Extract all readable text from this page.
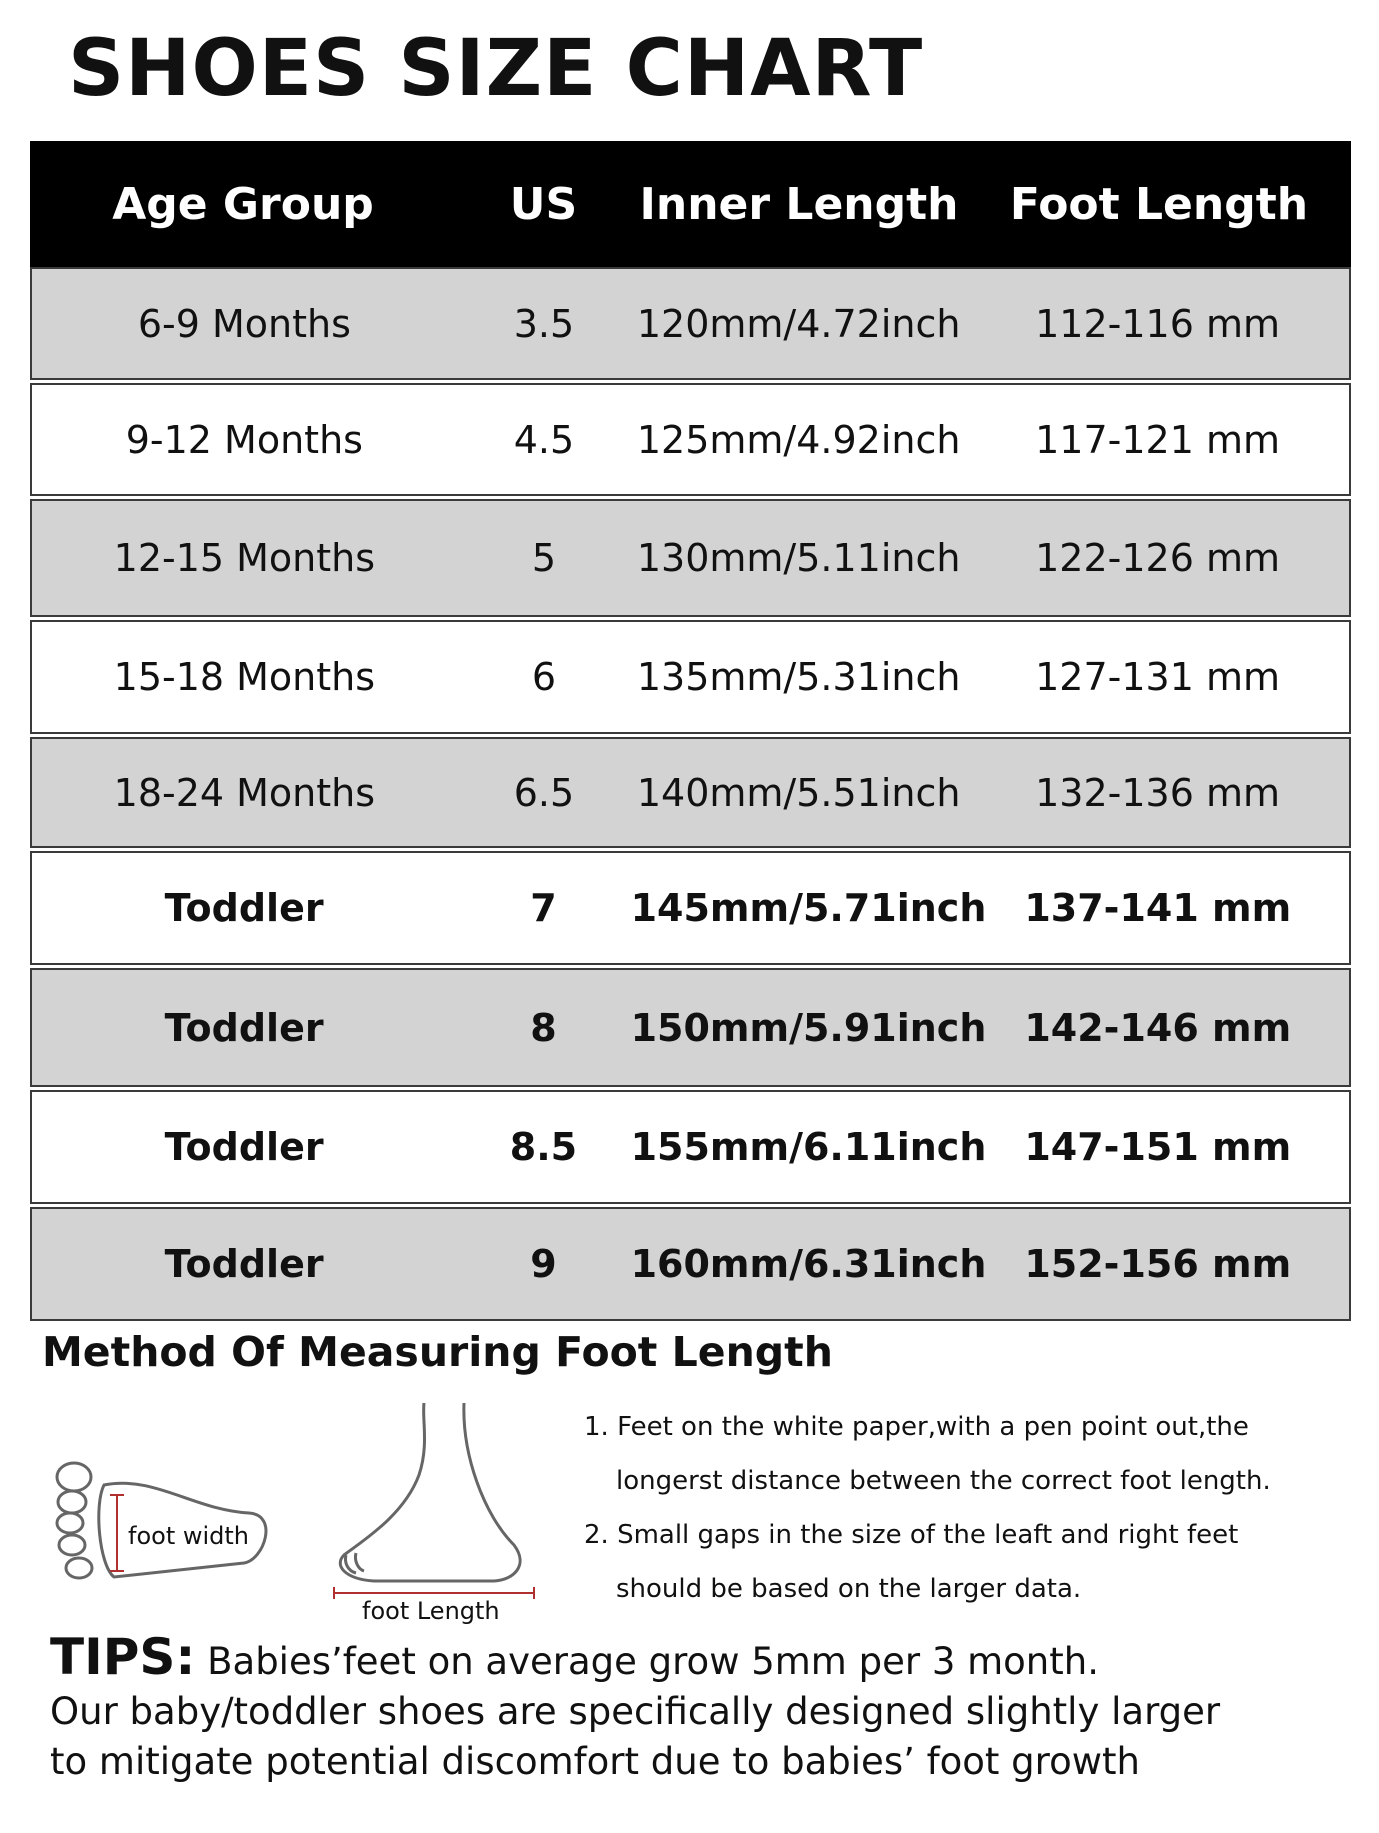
SHOES SIZE CHART
Age Group	US	Inner Length	Foot Length
6-9 Months	3.5	120mm/4.72inch	112-116 mm
9-12 Months	4.5	125mm/4.92inch	117-121 mm
12-15 Months	5	130mm/5.11inch	122-126 mm
15-18 Months	6	135mm/5.31inch	127-131 mm
18-24 Months	6.5	140mm/5.51inch	132-136 mm
Toddler	7	145mm/5.71inch 137-141 mm
Toddler	8	150mm/5.91inch 142-146 mm
Toddler	8.5	155mm/6.11inch 147-151 mm
Toddler	9	160mm/6.31inch 152-156 mm
Method Of Measuring Foot Length
foot width
foot Length
1. Feet on the white paper,with a pen point out,the
longerst distance between the correct foot length.
2. Small gaps in the size of the leaft and right feet
should be based on the larger data.
TIPS: Babies’feet on average grow 5mm per 3 month.
Our baby/toddler shoes are specifically designed slightly larger
to mitigate potential discomfort due to babies’ foot growth
